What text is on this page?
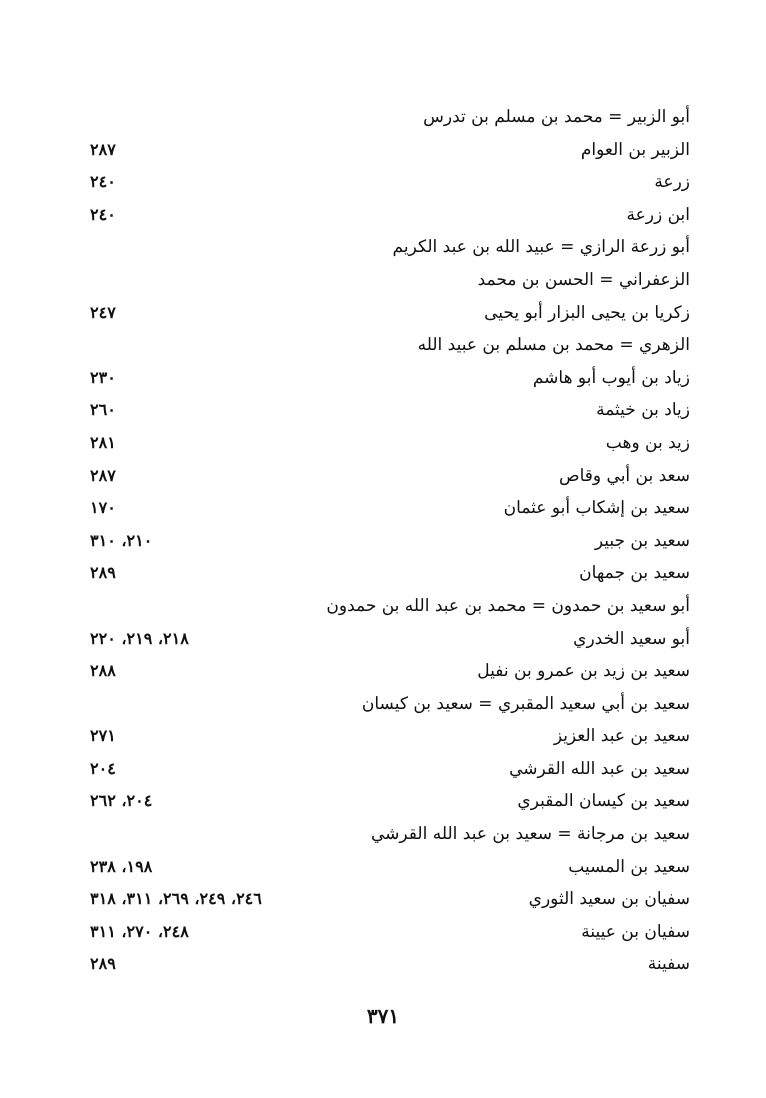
أبو الزبير = محمد بن مسلم بن تدرس
الزبير بن العوام
٢٨٧
زرعة
٢٤٠
ابن زرعة
٢٤٠
أبو زرعة الرازي = عبيد الله بن عبد الكريم
الزعفراني = الحسن بن محمد
زكريا بن يحيى البزار أبو يحيى
٢٤٧
الزهري = محمد بن مسلم بن عبيد الله
زياد بن أيوب أبو هاشم
٢٣٠
زياد بن خيثمة
٢٦٠
زيد بن وهب
٢٨١
سعد بن أبي وقاص
٢٨٧
سعيد بن إشكاب أبو عثمان
١٧٠
سعيد بن جبير
٢١٠، ٣١٠
سعيد بن جمهان
٢٨٩
أبو سعيد بن حمدون = محمد بن عبد الله بن حمدون
أبو سعيد الخدري
٢١٨، ٢١٩، ٢٢٠
سعيد بن زيد بن عمرو بن نفيل
٢٨٨
سعيد بن أبي سعيد المقبري = سعيد بن كيسان
سعيد بن عبد العزيز
٢٧١
سعيد بن عبد الله القرشي
٢٠٤
سعيد بن كيسان المقبري
٢٠٤، ٢٦٢
سعيد بن مرجانة = سعيد بن عبد الله القرشي
سعيد بن المسيب
١٩٨، ٢٣٨
سفيان بن سعيد الثوري
٢٤٦، ٢٤٩، ٢٦٩، ٣١١، ٣١٨
سفيان بن عيينة
٢٤٨، ٢٧٠، ٣١١
سفينة
٢٨٩
٣٧١
